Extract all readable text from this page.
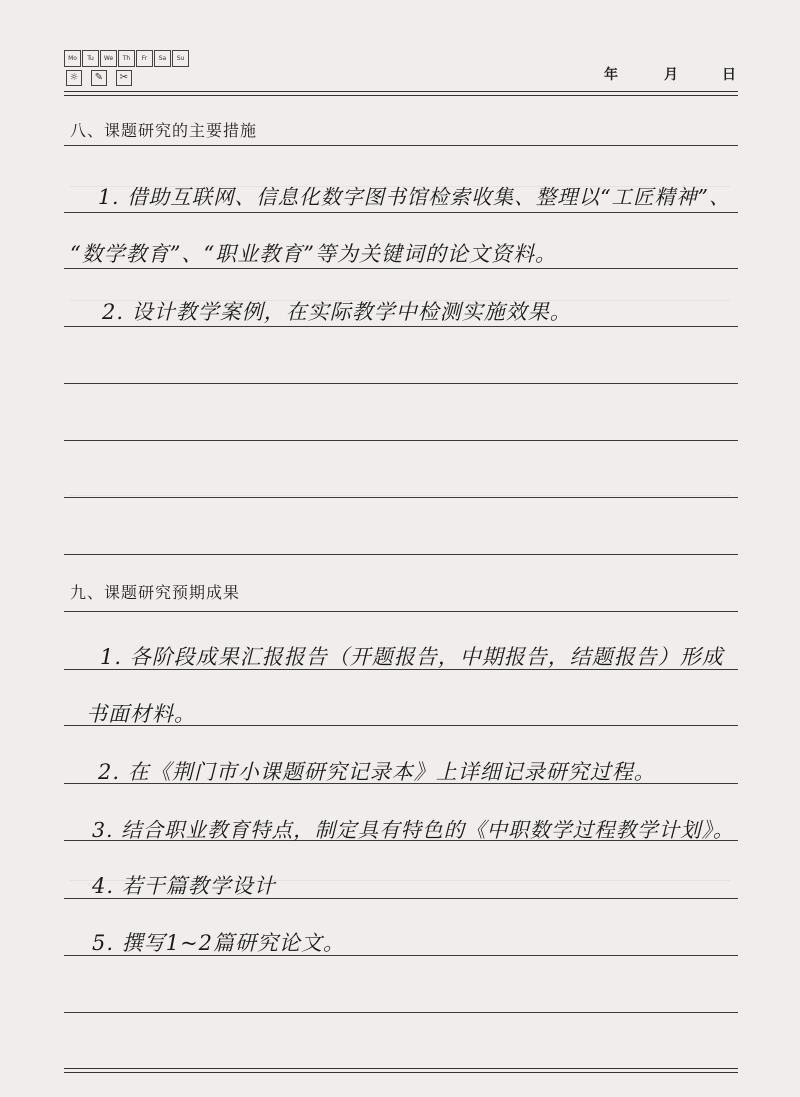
Mo	Tu	We	Th	Fr	Sa	Su
☼	✎	✂	年	月	日
八、课题研究的主要措施
1. 借助互联网、信息化数字图书馆检索收集、整理以“工匠精神”、
“数学教育”、“职业教育”等为关键词的论文资料。
2. 设计教学案例，在实际教学中检测实施效果。
九、课题研究预期成果
1. 各阶段成果汇报报告（开题报告，中期报告，结题报告）形成
书面材料。
2. 在《荆门市小课题研究记录本》上详细记录研究过程。
3. 结合职业教育特点，制定具有特色的《中职数学过程教学计划》。
4. 若干篇教学设计
5. 撰写1~2篇研究论文。
